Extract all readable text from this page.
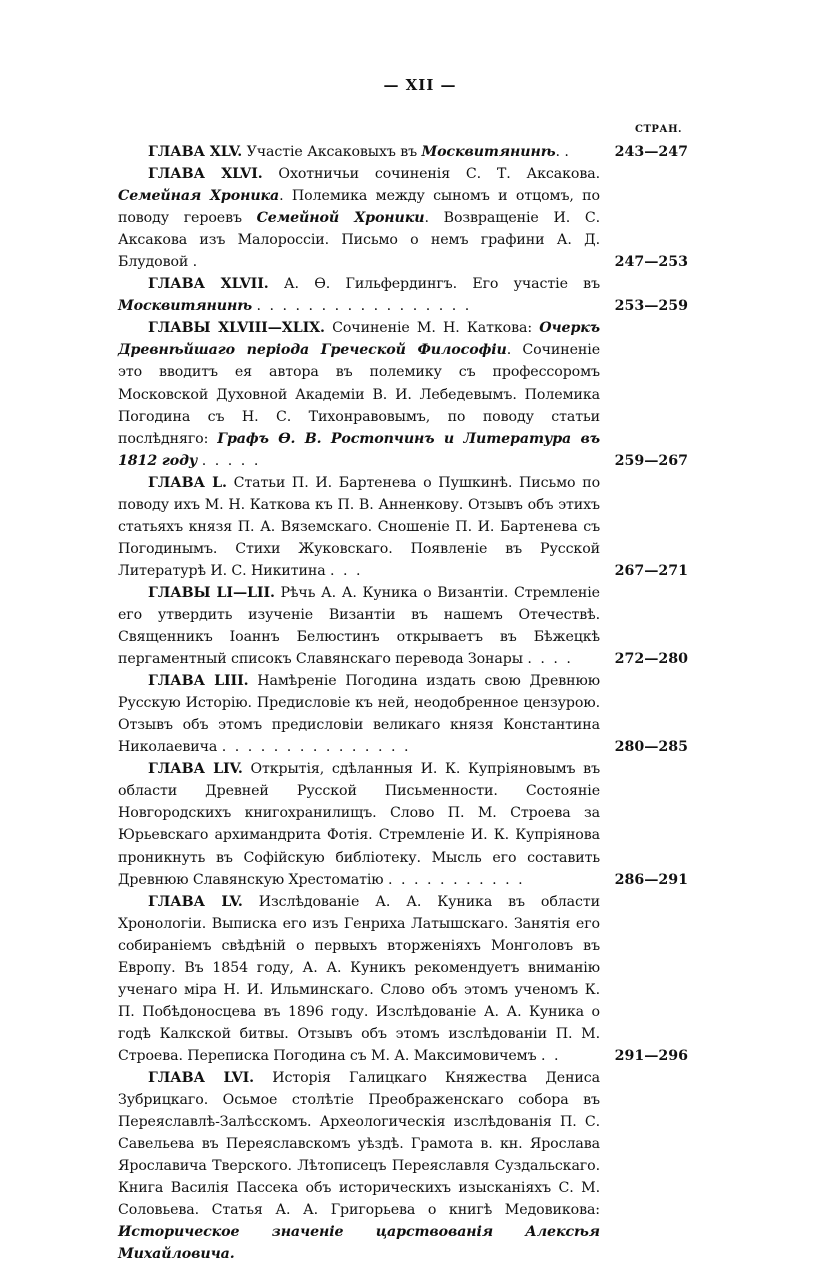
— XII —
СТРАН.
ГЛАВА XLV. Участіе Аксаковыхъ въ Москвитянинѣ. .	243—247
ГЛАВА XLVI. Охотничьи сочиненія С. Т. Аксакова. Семейная Хроника. Полемика между сыномъ и отцомъ, по поводу героевъ Семейной Хроники. Возвращеніе И. С. Аксакова изъ Малороссіи. Письмо о немъ графини А. Д. Блудовой .	247—253
ГЛАВА XLVII. А. Ѳ. Гильфердингъ. Его участіе въ Москвитянинѣ . . . . . . . . . . . . . . . . .	253—259
ГЛАВЫ XLVIII—XLIX. Сочиненіе М. Н. Каткова: Очеркъ Древнѣйшаго періода Греческой Философіи. Сочиненіе это вводитъ ея автора въ полемику съ профессоромъ Московской Духовной Академіи В. И. Лебедевымъ. Полемика Погодина съ Н. С. Тихонравовымъ, по поводу статьи послѣдняго: Графъ Ѳ. В. Ростопчинъ и Литература въ 1812 году . . . . .	259—267
ГЛАВА L. Статьи П. И. Бартенева о Пушкинѣ. Письмо по поводу ихъ М. Н. Каткова къ П. В. Анненкову. Отзывъ объ этихъ статьяхъ князя П. А. Вяземскаго. Сношеніе П. И. Бартенева съ Погодинымъ. Стихи Жуковскаго. Появленіе въ Русской Литературѣ И. С. Никитина . . .	267—271
ГЛАВЫ LI—LII. Рѣчь А. А. Куника о Византіи. Стремленіе его утвердить изученіе Византіи въ нашемъ Отечествѣ. Священникъ Іоаннъ Белюстинъ открываетъ въ Бѣжецкѣ пергаментный списокъ Славянскаго перевода Зонары . . . .	272—280
ГЛАВА LIII. Намѣреніе Погодина издать свою Древнюю Русскую Исторію. Предисловіе къ ней, неодобренное цензурою. Отзывъ объ этомъ предисловіи великаго князя Константина Николаевича . . . . . . . . . . . . . . .	280—285
ГЛАВА LIV. Открытія, сдѣланныя И. К. Купріяновымъ въ области Древней Русской Письменности. Состояніе Новгородскихъ книгохранилищъ. Слово П. М. Строева за Юрьевскаго архимандрита Фотія. Стремленіе И. К. Купріянова проникнуть въ Софійскую библіотеку. Мысль его составить Древнюю Славянскую Хрестоматію . . . . . . . . . . .	286—291
ГЛАВА LV. Изслѣдованіе А. А. Куника въ области Хронологіи. Выписка его изъ Генриха Латышскаго. Занятія его собираніемъ свѣдѣній о первыхъ вторженіяхъ Монголовъ въ Европу. Въ 1854 году, А. А. Куникъ рекомендуетъ вниманію ученаго міра Н. И. Ильминскаго. Слово объ этомъ ученомъ К. П. Побѣдоносцева въ 1896 году. Изслѣдованіе А. А. Куника о годѣ Калкской битвы. Отзывъ объ этомъ изслѣдованіи П. М. Строева. Переписка Погодина съ М. А. Максимовичемъ . .	291—296
ГЛАВА LVI. Исторія Галицкаго Княжества Дениса Зубрицкаго. Осьмое столѣтіе Преображенскаго собора въ Переяславлѣ-Залѣсскомъ. Археологическія изслѣдованія П. С. Савельева въ Переяславскомъ уѣздѣ. Грамота в. кн. Ярослава Ярославича Тверского. Лѣтописецъ Переяславля Суздальскаго. Книга Василія Пассека объ историческихъ изысканіяхъ С. М. Соловьева. Статья А. А. Григорьева о книгѣ Медовикова: Историческое значеніе царствованія Алексѣя Михайловича.
